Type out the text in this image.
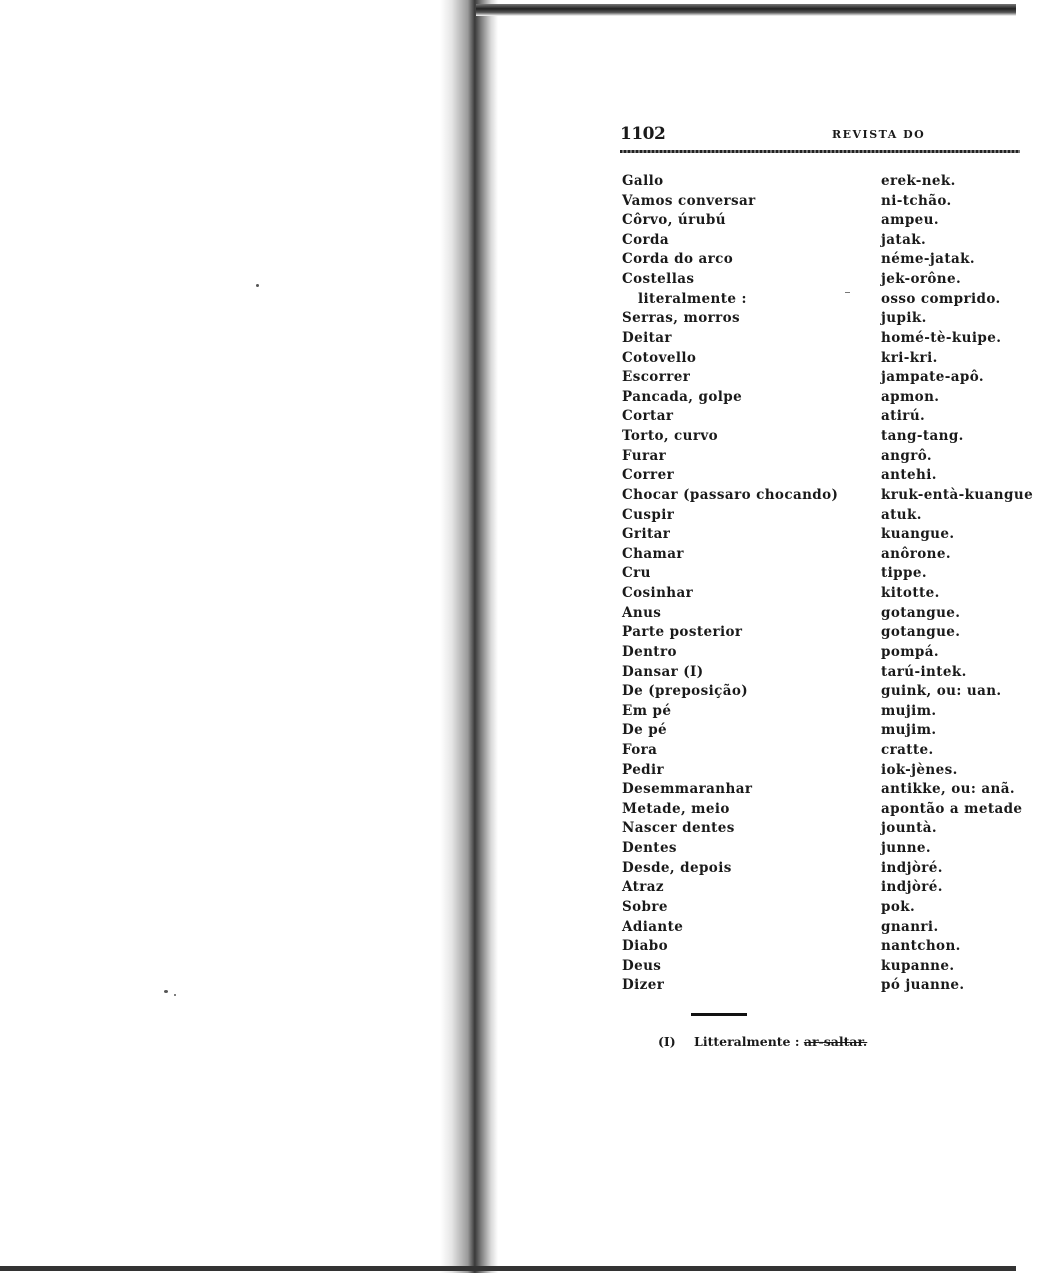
1102	REVISTA DO
Gallo	erek-nek.
Vamos conversar	ni-tchão.
Côrvo, úrubú	ampeu.
Corda	jatak.
Corda do arco	néme-jatak.
Costellas	jek-orône.
literalmente :	osso comprido.
Serras, morros	jupik.
Deitar	homé-tè-kuipe.
Cotovello	kri-kri.
Escorrer	jampate-apô.
Pancada, golpe	apmon.
Cortar	atirú.
Torto, curvo	tang-tang.
Furar	angrô.
Correr	antehi.
Chocar (passaro chocando)	kruk-entà-kuangue
Cuspir	atuk.
Gritar	kuangue.
Chamar	anôrone.
Cru	tippe.
Cosinhar	kitotte.
Anus	gotangue.
Parte posterior	gotangue.
Dentro	pompá.
Dansar (I)	tarú-intek.
De (preposição)	guink, ou: uan.
Em pé	mujim.
De pé	mujim.
Fora	cratte.
Pedir	iok-jènes.
Desemmaranhar	antikke, ou: anã.
Metade, meio	apontão a metade
Nascer dentes	jountà.
Dentes	junne.
Desde, depois	indjòré.
Atraz	indjòré.
Sobre	pok.
Adiante	gnanri.
Diabo	nantchon.
Deus	kupanne.
Dizer	pó juanne.
(I) Litteralmente : ar-saltar.
